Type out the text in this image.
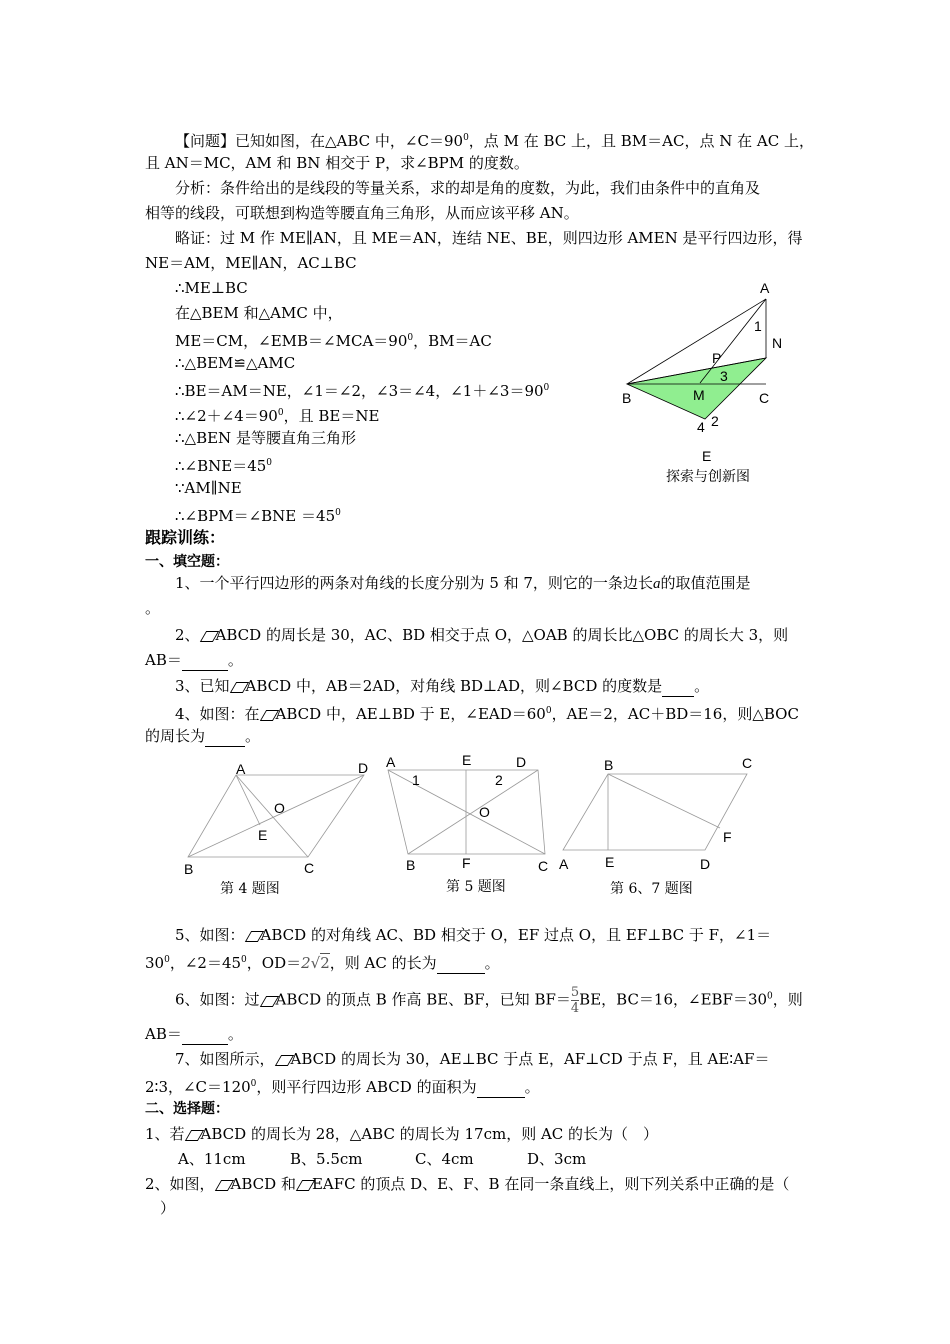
【问题】已知如图，在△ABC 中，$\angle C=90^0$，点 M 在 BC 上，且 BM＝AC，点 N 在 AC 上，
且 AN＝MC，AM 和 BN 相交于 P，求∠BPM 的度数。
分析：条件给出的是线段的等量关系，求的却是角的度数，为此，我们由条件中的直角及
相等的线段，可联想到构造等腰直角三角形，从而应该平移 AN。
略证：过 M 作 ME∥AN，且 ME＝AN，连结 NE、BE，则四边形 AMEN 是平行四边形，得
NE＝AM，ME∥AN，AC⊥BC
∴ME⊥BC
在△BEM 和△AMC 中，
ME＝CM，$\angle EMB=\angle MCA=90^0$，BM＝AC
∴△BEM≌△AMC
∴BE＝AM＝NE，∠1＝∠2，∠3＝∠4，$\angle 1+\angle 3=90^0$
$\therefore\angle 2+\angle 4=90^0$，且 BE＝NE
∴△BEN 是等腰直角三角形
$\therefore\angle BNE=45^0$
∵AM∥NE
∴∠BPM＝∠BNE $=45^0$
A
N
1
P
3
B	M	C
2
4
E
探索与创新图
跟踪训练：
一、填空题：
1、一个平行四边形的两条对角线的长度分别为 5 和 7，则它的一条边长a的取值范围是
。
2、 ABCD 的周长是 30，AC、BD 相交于点 O，△OAB 的周长比△OBC 的周长大 3，则
AB＝	。
3、已知 ABCD 中，AB＝2AD，对角线 BD⊥AD，则∠BCD 的度数是 。
4、如图：在 ABCD 中，AE⊥BD 于 E，$\angle EAD=60^0$，AE＝2，AC＋BD＝16，则△BOC
的周长为	。
A	D
O
E
B	C
A	E	D
1	2
O
B	F	C
B	C
F
A	E	D
第 4 题图	第 5 题图	第 6、7 题图
5、如图： ABCD 的对角线 AC、BD 相交于 O，EF 过点 O，且 EF⊥BC 于 F，∠1＝
$30^0$，$\angle 2=45^0$，OD＝2√2，则 AC 的长为	。
6、如图：过 ABCD 的顶点 B 作高 BE、BF，已知 $BF= \frac{5}{4}$ BE，BC＝16，$\angle EBF=30^0$，则
AB＝	。
7、如图所示， ABCD 的周长为 30，AE⊥BC 于点 E，AF⊥CD 于点 F，且 AE∶AF＝
2∶3，$\angle C=120^0$，则平行四边形 ABCD 的面积为	。
二、选择题：
1、若 ABCD 的周长为 28，△ABC 的周长为 17cm，则 AC 的长为（　）
A、11cm	B、5.5cm	C、4cm	D、3cm
2、如图， ABCD 和 EAFC 的顶点 D、E、F、B 在同一条直线上，则下列关系中正确的是（
）
